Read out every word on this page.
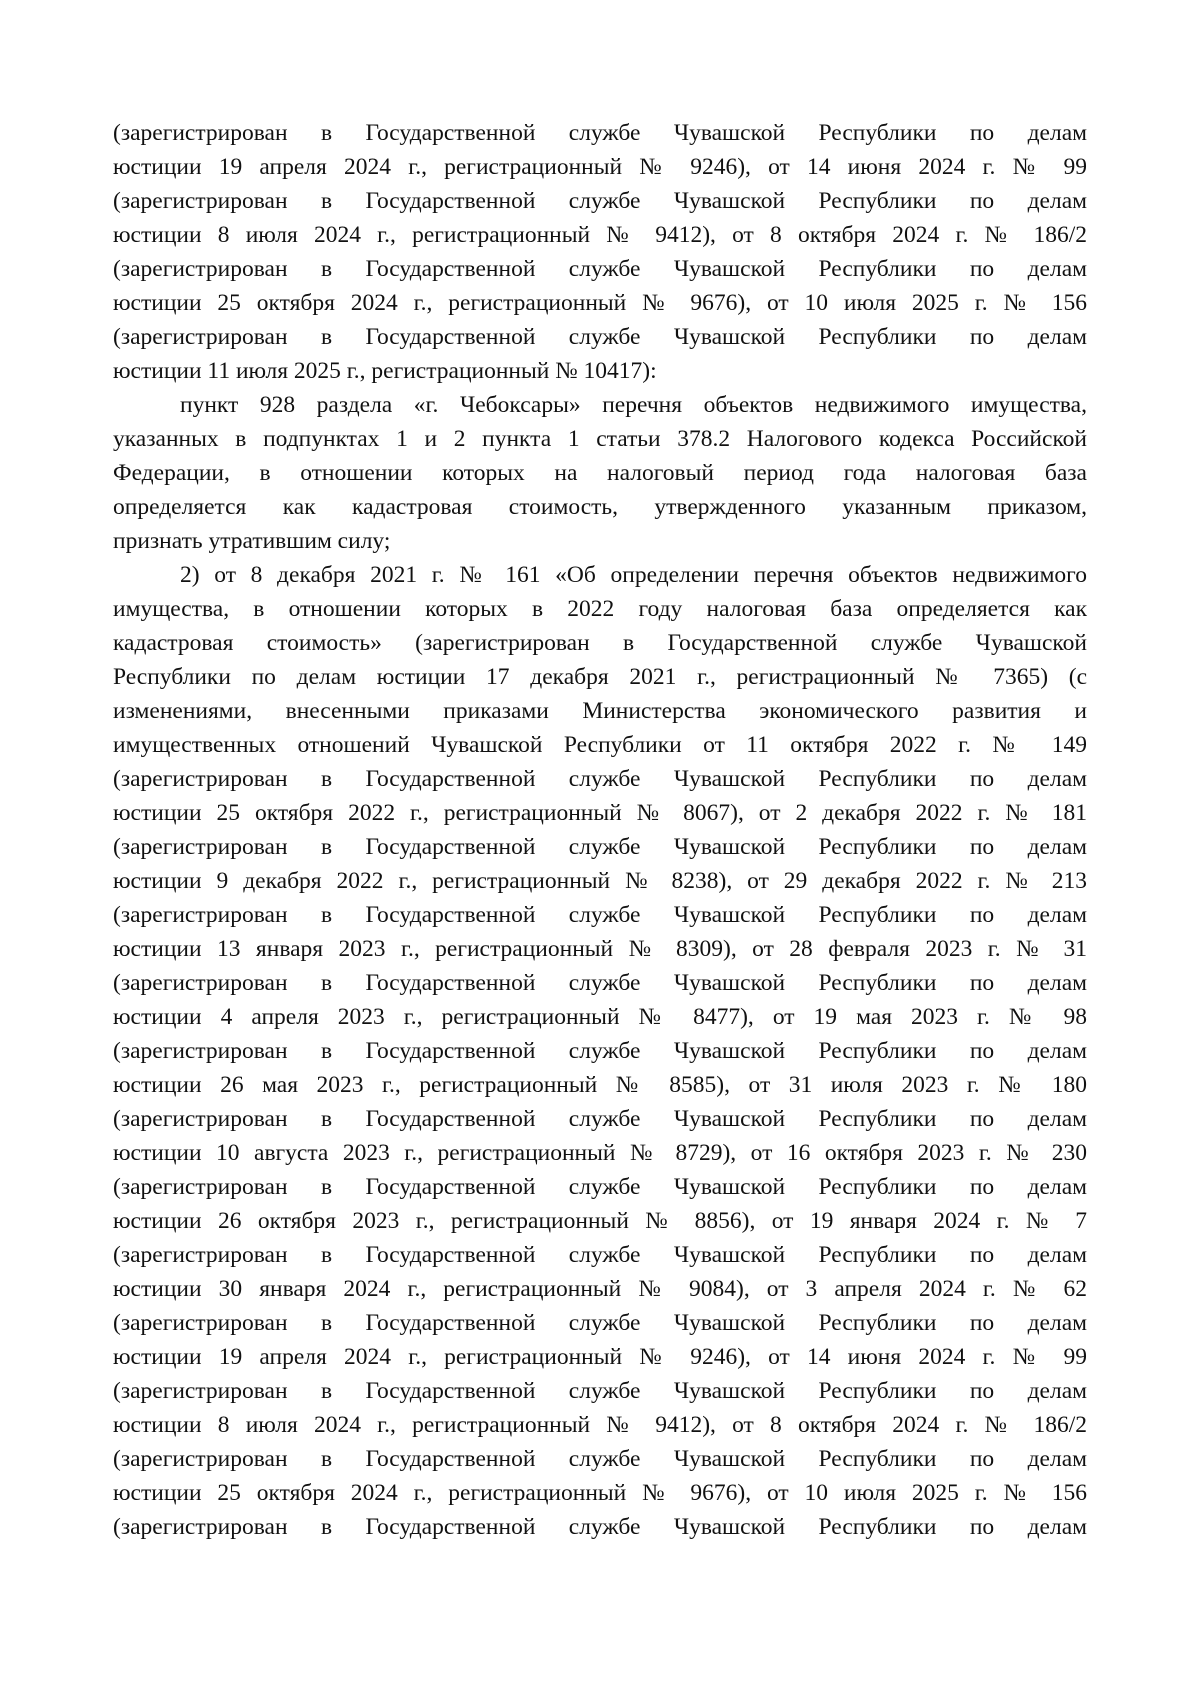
(зарегистрирован в Государственной службе Чувашской Республики по делам
юстиции 19 апреля 2024 г., регистрационный № 9246), от 14 июня 2024 г. № 99
(зарегистрирован в Государственной службе Чувашской Республики по делам
юстиции 8 июля 2024 г., регистрационный № 9412), от 8 октября 2024 г. № 186/2
(зарегистрирован в Государственной службе Чувашской Республики по делам
юстиции 25 октября 2024 г., регистрационный № 9676), от 10 июля 2025 г. № 156
(зарегистрирован в Государственной службе Чувашской Республики по делам
юстиции 11 июля 2025 г., регистрационный № 10417):
пункт 928 раздела «г. Чебоксары» перечня объектов недвижимого имущества,
указанных в подпунктах 1 и 2 пункта 1 статьи 378.2 Налогового кодекса Российской
Федерации, в отношении которых на налоговый период года налоговая база
определяется как кадастровая стоимость, утвержденного указанным приказом,
признать утратившим силу;
2) от 8 декабря 2021 г. № 161 «Об определении перечня объектов недвижимого
имущества, в отношении которых в 2022 году налоговая база определяется как
кадастровая стоимость» (зарегистрирован в Государственной службе Чувашской
Республики по делам юстиции 17 декабря 2021 г., регистрационный № 7365) (с
изменениями, внесенными приказами Министерства экономического развития и
имущественных отношений Чувашской Республики от 11 октября 2022 г. № 149
(зарегистрирован в Государственной службе Чувашской Республики по делам
юстиции 25 октября 2022 г., регистрационный № 8067), от 2 декабря 2022 г. № 181
(зарегистрирован в Государственной службе Чувашской Республики по делам
юстиции 9 декабря 2022 г., регистрационный № 8238), от 29 декабря 2022 г. № 213
(зарегистрирован в Государственной службе Чувашской Республики по делам
юстиции 13 января 2023 г., регистрационный № 8309), от 28 февраля 2023 г. № 31
(зарегистрирован в Государственной службе Чувашской Республики по делам
юстиции 4 апреля 2023 г., регистрационный № 8477), от 19 мая 2023 г. № 98
(зарегистрирован в Государственной службе Чувашской Республики по делам
юстиции 26 мая 2023 г., регистрационный № 8585), от 31 июля 2023 г. № 180
(зарегистрирован в Государственной службе Чувашской Республики по делам
юстиции 10 августа 2023 г., регистрационный № 8729), от 16 октября 2023 г. № 230
(зарегистрирован в Государственной службе Чувашской Республики по делам
юстиции 26 октября 2023 г., регистрационный № 8856), от 19 января 2024 г. № 7
(зарегистрирован в Государственной службе Чувашской Республики по делам
юстиции 30 января 2024 г., регистрационный № 9084), от 3 апреля 2024 г. № 62
(зарегистрирован в Государственной службе Чувашской Республики по делам
юстиции 19 апреля 2024 г., регистрационный № 9246), от 14 июня 2024 г. № 99
(зарегистрирован в Государственной службе Чувашской Республики по делам
юстиции 8 июля 2024 г., регистрационный № 9412), от 8 октября 2024 г. № 186/2
(зарегистрирован в Государственной службе Чувашской Республики по делам
юстиции 25 октября 2024 г., регистрационный № 9676), от 10 июля 2025 г. № 156
(зарегистрирован в Государственной службе Чувашской Республики по делам
